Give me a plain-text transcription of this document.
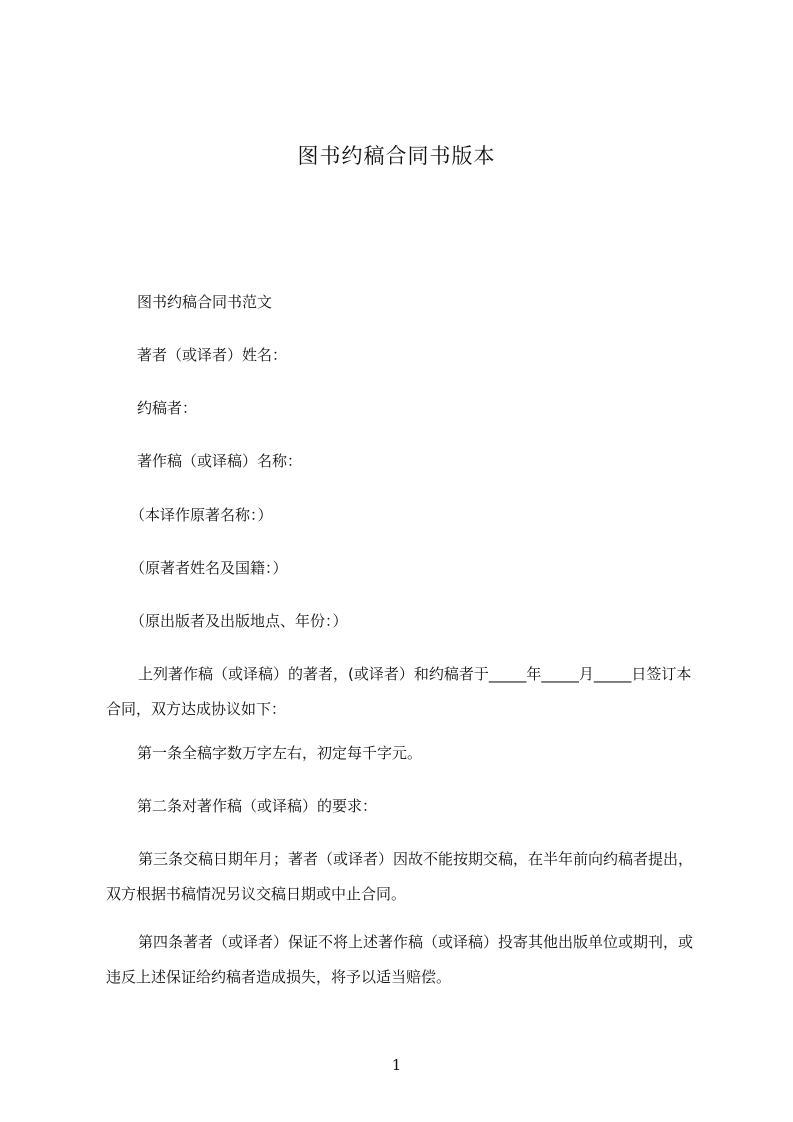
图书约稿合同书版本
图书约稿合同书范文
著者（或译者）姓名：
约稿者：
著作稿（或译稿）名称：
（本译作原著名称：）
（原著者姓名及国籍：）
（原出版者及出版地点、年份：）
上列著作稿（或译稿）的著者，(或译者）和约稿者于_____年_____月_____日签订本合同，双方达成协议如下：
第一条全稿字数万字左右，初定每千字元。
第二条对著作稿（或译稿）的要求：
第三条交稿日期年月；著者（或译者）因故不能按期交稿，在半年前向约稿者提出，双方根据书稿情况另议交稿日期或中止合同。
第四条著者（或译者）保证不将上述著作稿（或译稿）投寄其他出版单位或期刊，或违反上述保证给约稿者造成损失，将予以适当赔偿。
1
